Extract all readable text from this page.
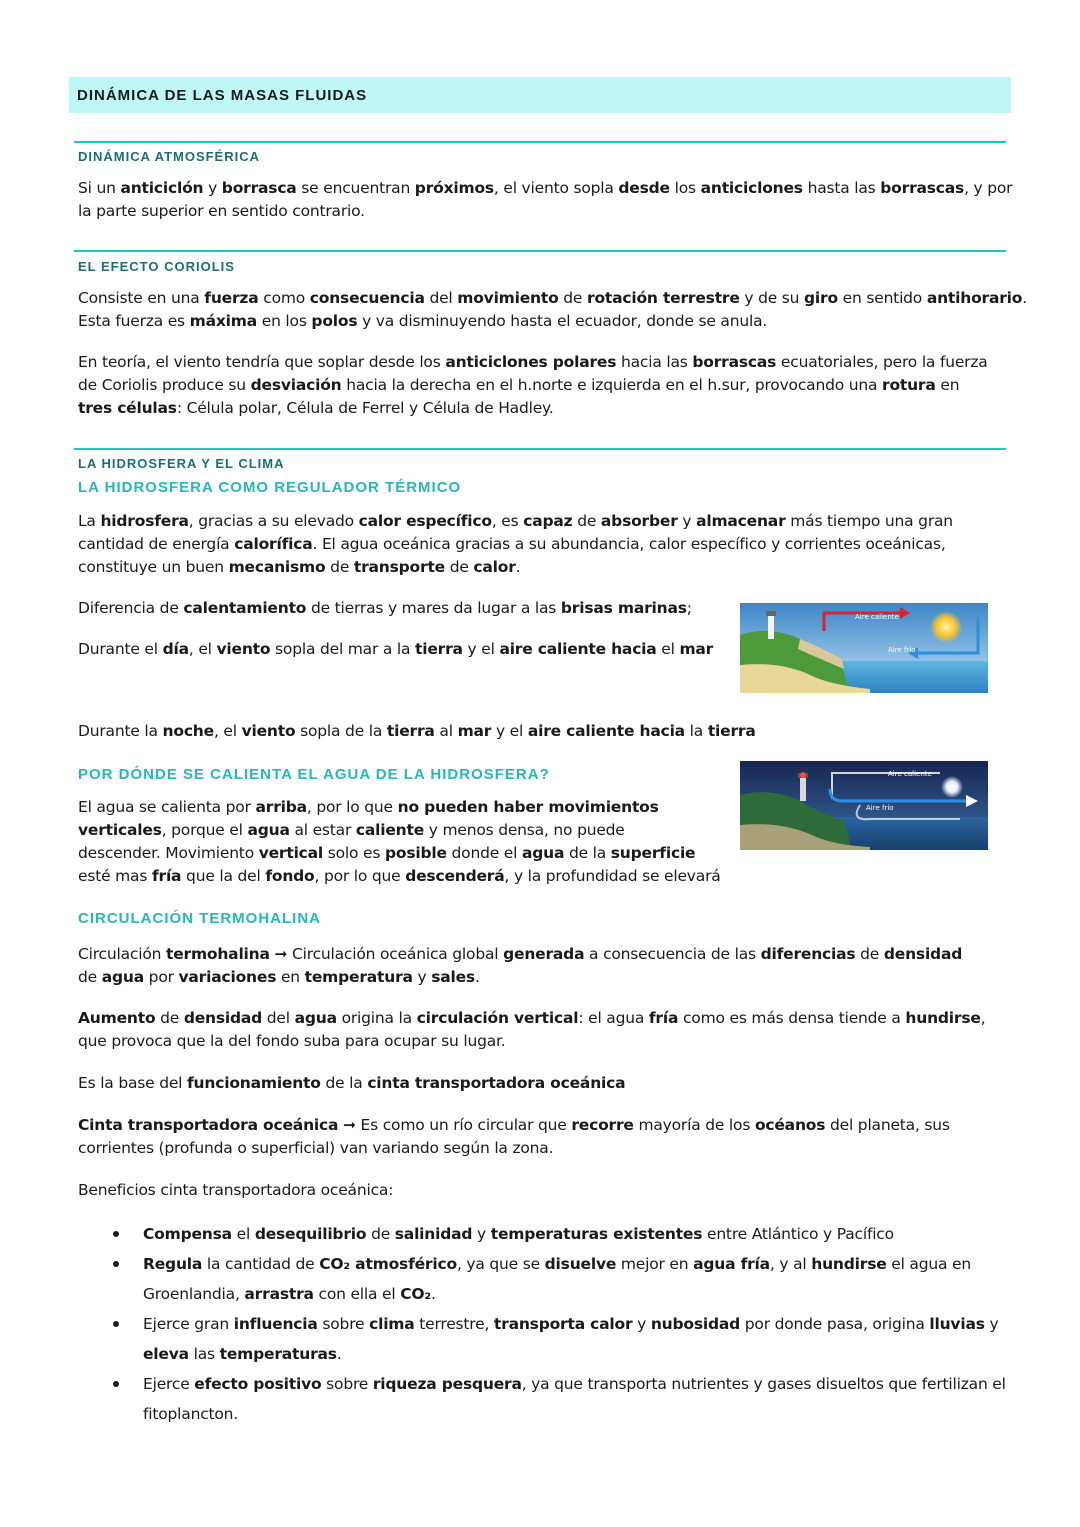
DINÁMICA DE LAS MASAS FLUIDAS
DINÁMICA ATMOSFÉRICA
Si un anticiclón y borrasca se encuentran próximos, el viento sopla desde los anticiclones hasta las borrascas, y por
la parte superior en sentido contrario.
EL EFECTO CORIOLIS
Consiste en una fuerza como consecuencia del movimiento de rotación terrestre y de su giro en sentido antihorario.
Esta fuerza es máxima en los polos y va disminuyendo hasta el ecuador, donde se anula.
En teoría, el viento tendría que soplar desde los anticiclones polares hacia las borrascas ecuatoriales, pero la fuerza
de Coriolis produce su desviación hacia la derecha en el h.norte e izquierda en el h.sur, provocando una rotura en
tres células: Célula polar, Célula de Ferrel y Célula de Hadley.
LA HIDROSFERA Y EL CLIMA
LA HIDROSFERA COMO REGULADOR TÉRMICO
La hidrosfera, gracias a su elevado calor específico, es capaz de absorber y almacenar más tiempo una gran
cantidad de energía calorífica. El agua oceánica gracias a su abundancia, calor específico y corrientes oceánicas,
constituye un buen mecanismo de transporte de calor.
Diferencia de calentamiento de tierras y mares da lugar a las brisas marinas;
Durante el día, el viento sopla del mar a la tierra y el aire caliente hacia el mar
Durante la noche, el viento sopla de la tierra al mar y el aire caliente hacia la tierra
Aire caliente
Aire frío
POR DÓNDE SE CALIENTA EL AGUA DE LA HIDROSFERA?
El agua se calienta por arriba, por lo que no pueden haber movimientos
verticales, porque el agua al estar caliente y menos densa, no puede
descender. Movimiento vertical solo es posible donde el agua de la superficie
esté mas fría que la del fondo, por lo que descenderá, y la profundidad se elevará
Aire caliente
Aire frío
CIRCULACIÓN TERMOHALINA
Circulación termohalina ➞ Circulación oceánica global generada a consecuencia de las diferencias de densidad
de agua por variaciones en temperatura y sales.
Aumento de densidad del agua origina la circulación vertical: el agua fría como es más densa tiende a hundirse,
que provoca que la del fondo suba para ocupar su lugar.
Es la base del funcionamiento de la cinta transportadora oceánica
Cinta transportadora oceánica ➞ Es como un río circular que recorre mayoría de los océanos del planeta, sus
corrientes (profunda o superficial) van variando según la zona.
Beneficios cinta transportadora oceánica:
Compensa el desequilibrio de salinidad y temperaturas existentes entre Atlántico y Pacífico
Regula la cantidad de CO₂ atmosférico, ya que se disuelve mejor en agua fría, y al hundirse el agua en
Groenlandia, arrastra con ella el CO₂.
Ejerce gran influencia sobre clima terrestre, transporta calor y nubosidad por donde pasa, origina lluvias y
eleva las temperaturas.
Ejerce efecto positivo sobre riqueza pesquera, ya que transporta nutrientes y gases disueltos que fertilizan el
fitoplancton.
